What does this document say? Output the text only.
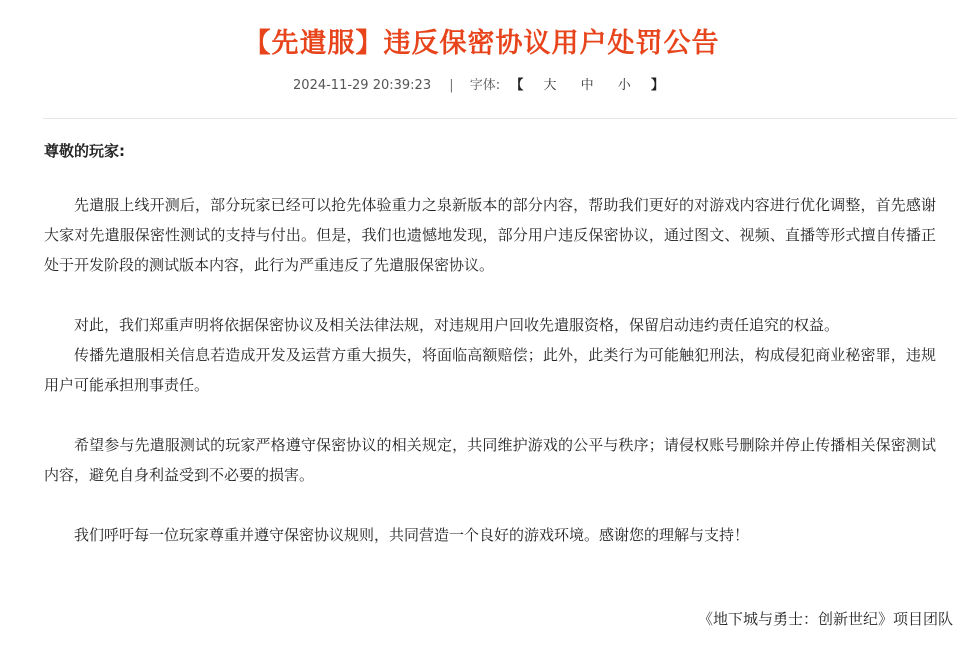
【先遣服】违反保密协议用户处罚公告
2024-11-29 20:39:23 | 字体: 【 大 中 小 】

尊敬的玩家:

先遣服上线开测后，部分玩家已经可以抢先体验重力之泉新版本的部分内容，帮助我们更好的对游戏内容进行优化调整，首先感谢大家对先遣服保密性测试的支持与付出。但是，我们也遗憾地发现，部分用户违反保密协议，通过图文、视频、直播等形式擅自传播正处于开发阶段的测试版本内容，此行为严重违反了先遣服保密协议。

对此，我们郑重声明将依据保密协议及相关法律法规，对违规用户回收先遣服资格，保留启动违约责任追究的权益。

传播先遣服相关信息若造成开发及运营方重大损失，将面临高额赔偿；此外，此类行为可能触犯刑法，构成侵犯商业秘密罪，违规用户可能承担刑事责任。

希望参与先遣服测试的玩家严格遵守保密协议的相关规定，共同维护游戏的公平与秩序；请侵权账号删除并停止传播相关保密测试内容，避免自身利益受到不必要的损害。

我们呼吁每一位玩家尊重并遵守保密协议规则，共同营造一个良好的游戏环境。感谢您的理解与支持！

《地下城与勇士：创新世纪》项目团队
